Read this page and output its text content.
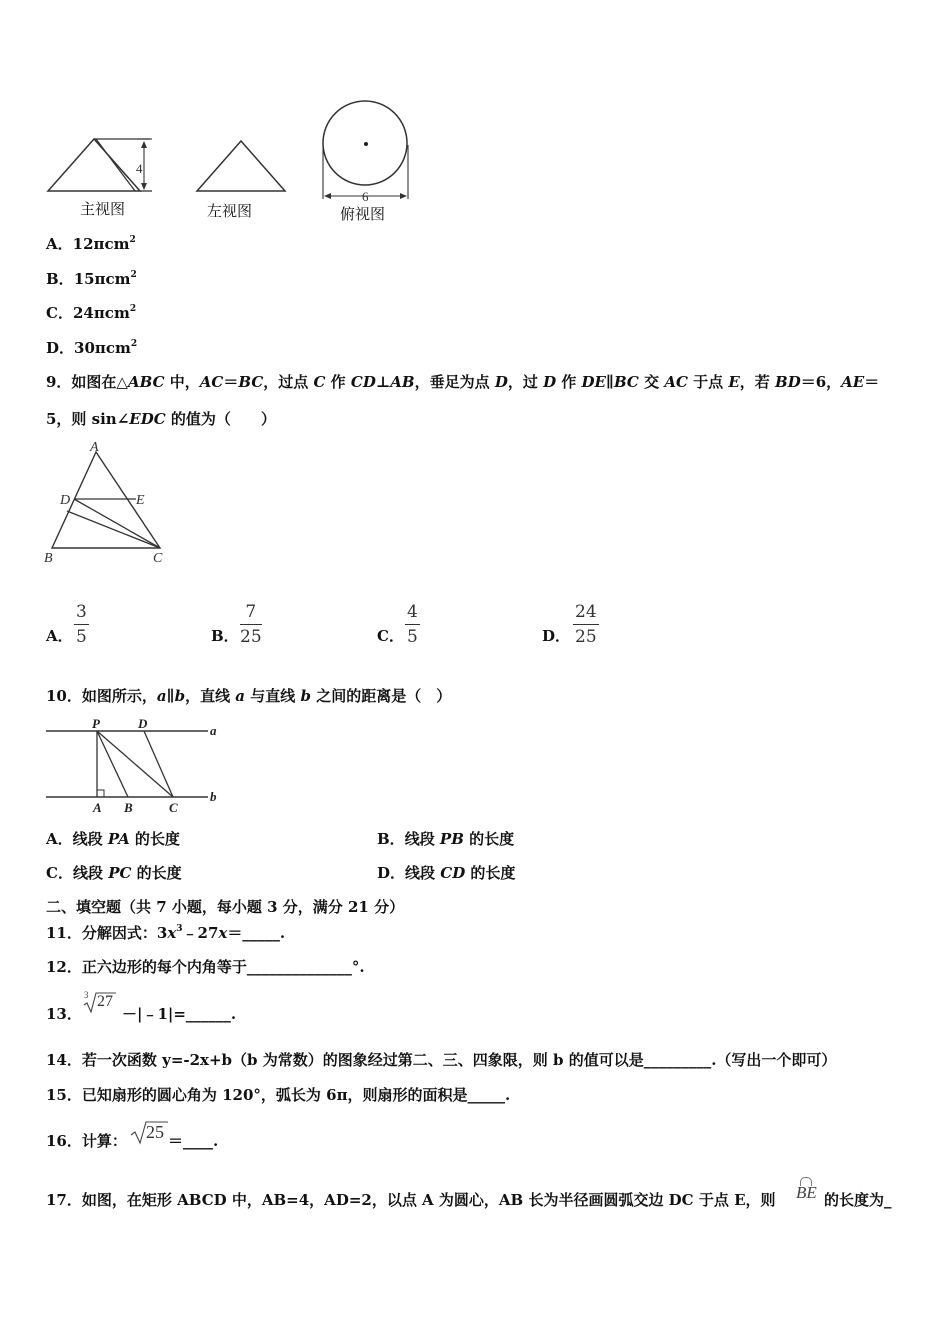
4
6
主视图	左视图	俯视图
A．12πcm$^2$
B．15πcm$^2$
C．24πcm$^2$
D．30πcm$^2$
9．如图在△ABC 中，AC＝BC，过点 C 作 CD⊥AB，垂足为点 D，过 D 作 DE∥BC 交 AC 于点 E，若 BD＝6，AE＝
5，则 sin∠EDC 的值为（　　）
A
D	E
B	C
A．
3
5	B．
7
25	C．
4
5	D．
24
25
10．如图所示，a∥b，直线 a 与直线 b 之间的距离是（　）
P	D	a
A B	C
b
A．线段 PA 的长度	B．线段 PB 的长度
C．线段 PC 的长度	D．线段 CD 的长度
二、填空题（共 7 小题，每小题 3 分，满分 21 分）
11．分解因式：$3x^3﹣27x=\_\_\_\_\_$.
12．正六边形的每个内角等于______________°.
13．
3 27
－|﹣1|=______.
14．若一次函数 y=-2x+b（b 为常数）的图象经过第二、三、四象限，则 b 的值可以是_________.（写出一个即可）
15．已知扇形的圆心角为 120°，弧长为 6π，则扇形的面积是_____.
16．计算： 25 ＝____.
17．如图，在矩形 ABCD 中，AB=4，AD=2，以点 A 为圆心，AB 长为半径画圆弧交边 DC 于点 E，则 BE 的长度为_
